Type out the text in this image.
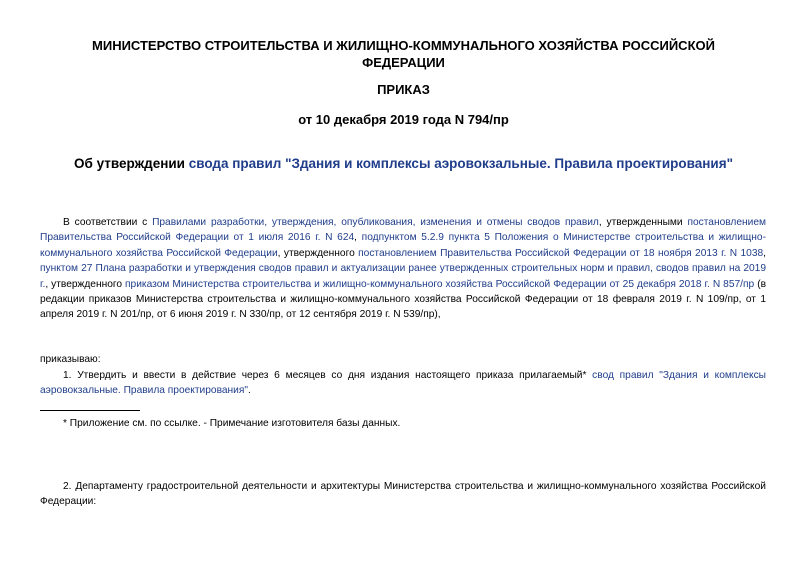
МИНИСТЕРСТВО СТРОИТЕЛЬСТВА И ЖИЛИЩНО-КОММУНАЛЬНОГО ХОЗЯЙСТВА РОССИЙСКОЙ
ФЕДЕРАЦИИ
ПРИКАЗ
от 10 декабря 2019 года N 794/пр
Об утверждении свода правил "Здания и комплексы аэровокзальные. Правила проектирования"
В соответствии с Правилами разработки, утверждения, опубликования, изменения и отмены сводов правил, утвержденными постановлением Правительства Российской Федерации от 1 июля 2016 г. N 624, подпунктом 5.2.9 пункта 5 Положения о Министерстве строительства и жилищно-коммунального хозяйства Российской Федерации, утвержденного постановлением Правительства Российской Федерации от 18 ноября 2013 г. N 1038, пунктом 27 Плана разработки и утверждения сводов правил и актуализации ранее утвержденных строительных норм и правил, сводов правил на 2019 г., утвержденного приказом Министерства строительства и жилищно-коммунального хозяйства Российской Федерации от 25 декабря 2018 г. N 857/пр (в редакции приказов Министерства строительства и жилищно-коммунального хозяйства Российской Федерации от 18 февраля 2019 г. N 109/пр, от 1 апреля 2019 г. N 201/пр, от 6 июня 2019 г. N 330/пр, от 12 сентября 2019 г. N 539/пр),
приказываю:
1. Утвердить и ввести в действие через 6 месяцев со дня издания настоящего приказа прилагаемый* свод правил "Здания и комплексы аэровокзальные. Правила проектирования".
* Приложение см. по ссылке. - Примечание изготовителя базы данных.
2. Департаменту градостроительной деятельности и архитектуры Министерства строительства и жилищно-коммунального хозяйства Российской Федерации:
